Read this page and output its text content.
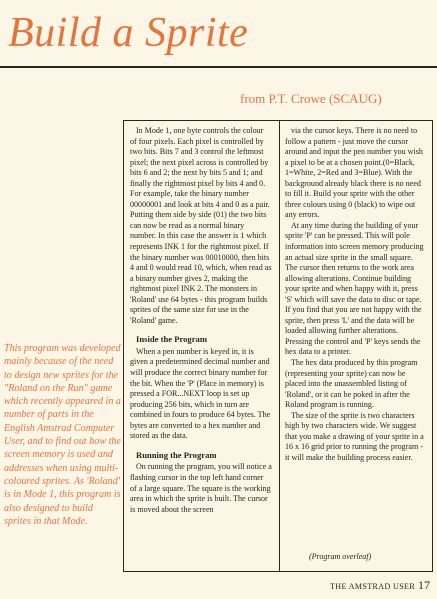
Build a Sprite
from P.T. Crowe (SCAUG)
This program was developed mainly because of the need to design new sprites for the "Roland on the Run" game which recently appeared in a number of parts in the English Amstrad Computer User, and to find out how the screen memory is used and addresses when using multi-coloured sprites. As 'Roland' is in Mode 1, this program is also designed to build sprites in that Mode.

In Mode 1, one byte controls the colour of four pixels. Each pixel is controlled by two bits. Bits 7 and 3 control the leftmost pixel; the next pixel across is controlled by bits 6 and 2; the next by bits 5 and 1; and finally the rightmost pixel by bits 4 and 0. For example, take the binary number 00000001 and look at bits 4 and 0 as a pair. Putting them side by side (01) the two bits can now be read as a normal binary number. In this case the answer is 1 which represents INK 1 for the rightmost pixel. If the binary number was 00010000, then bits 4 and 0 would read 10, which, when read as a binary number gives 2, making the rightmost pixel INK 2. The monsters in 'Roland' use 64 bytes - this program builds sprites of the same size for use in the 'Roland' game.

Inside the Program

When a pen number is keyed in, it is given a predetermined decimal number and will produce the correct binary number for the bit. When the 'P' (Place in memory) is pressed a FOR...NEXT loop is set up producing 256 bits, which in turn are combined in fours to produce 64 bytes. The bytes are converted to a hex number and stored as the data.

Running the Program

On running the program, you will notice a flashing cursor in the top left hand corner of a large square. The square is the working area in which the sprite is built. The cursor is moved about the screen

via the cursor keys. There is no need to follow a pattern - just move the cursor around and input the pen number you wish a pixel to be at a chosen point.(0=Black, 1=White, 2=Red and 3=Blue). With the background already black there is no need to fill it. Build your sprite with the other three colours using 0 (black) to wipe out any errors.

At any time during the building of your sprite 'P' can be pressed. This will pole information into screen memory producing an actual size sprite in the small square. The cursor then returns to the work area allowing alterations. Continue building your sprite and when happy with it, press 'S' which will save the data to disc or tape. If you find that you are not happy with the sprite, then press 'L' and the data will be loaded allowing further alterations. Pressing the control and 'P' keys sends the hex data to a printer.

The hex data produced by this program (representing your sprite) can now be placed into the unassembled listing of 'Roland', or it can be poked in after the Roland program is running.

The size of the sprite is two characters high by two characters wide. We suggest that you make a drawing of your sprite in a 16 x 16 grid prior to running the program - it will make the building process easier.

(Program overleaf)
THE AMSTRAD USER 17
